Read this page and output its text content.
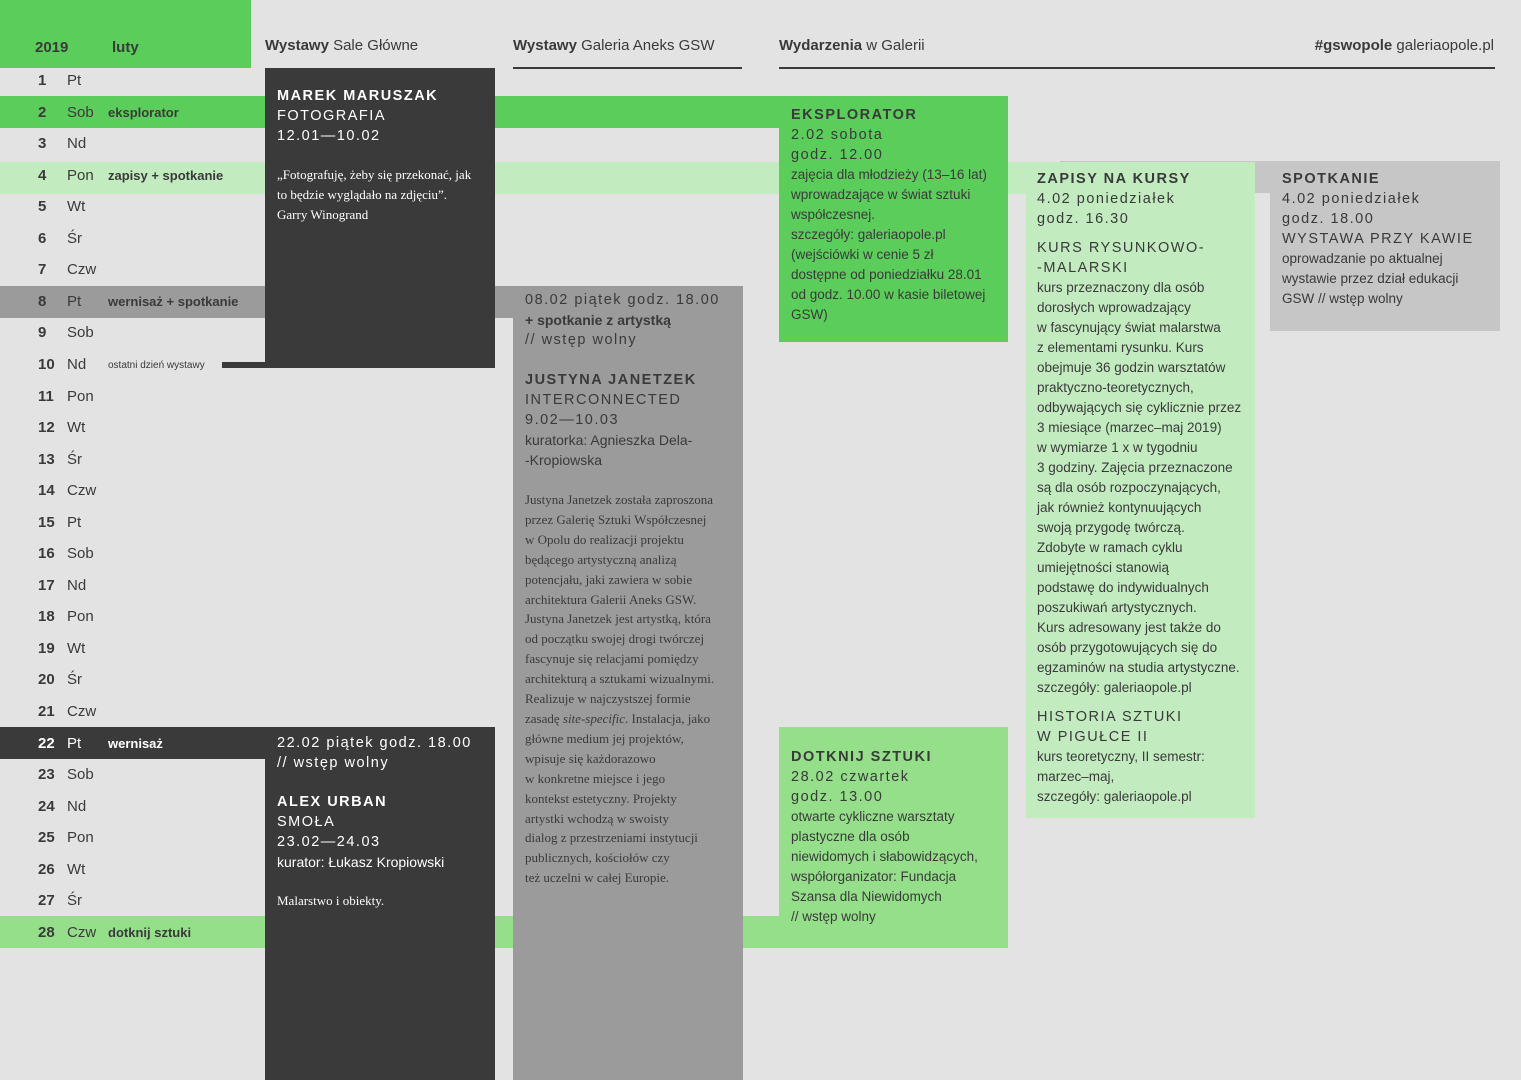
2019	luty	Wystawy Sale Główne	Wystawy Galeria Aneks GSW	Wydarzenia w Galerii	#gswopole galeriaopole.pl
1 Pt
2 Sob eksplorator
3 Nd
4 Pon zapisy + spotkanie
5 Wt
6 Śr
7 Czw
8 Pt wernisaż + spotkanie
9 Sob
10 Nd ostatni dzień wystawy
11 Pon
12 Wt
13 Śr
14 Czw
15 Pt
16 Sob
17 Nd
18 Pon
19 Wt
20 Śr
21 Czw
22 Pt wernisaż
23 Sob
24 Nd
25 Pon
26 Wt
27 Śr
28 Czw dotknij sztuki
MAREK MARUSZAK
FOTOGRAFIA
12.01—10.02
„Fotografuję, żeby się przekonać, jak to będzie wyglądało na zdjęciu”.
Garry Winogrand
22.02 piątek godz. 18.00
// wstęp wolny
ALEX URBAN
SMOŁA
23.02—24.03
kurator: Łukasz Kropiowski
Malarstwo i obiekty.
08.02 piątek godz. 18.00
+ spotkanie z artystką
// wstęp wolny
JUSTYNA JANETZEK
INTERCONNECTED
9.02—10.03
kuratorka: Agnieszka Dela-
-Kropiowska
Justyna Janetzek została zaproszona
przez Galerię Sztuki Współczesnej
w Opolu do realizacji projektu
będącego artystyczną analizą
potencjału, jaki zawiera w sobie
architektura Galerii Aneks GSW.
Justyna Janetzek jest artystką, która
od początku swojej drogi twórczej
fascynuje się relacjami pomiędzy
architekturą a sztukami wizualnymi.
Realizuje w najczystszej formie
zasadę site-specific. Instalacja, jako
główne medium jej projektów,
wpisuje się każdorazowo
w konkretne miejsce i jego
kontekst estetyczny. Projekty
artystki wchodzą w swoisty
dialog z przestrzeniami instytucji
publicznych, kościołów czy
też uczelni w całej Europie.
EKSPLORATOR
2.02 sobota
godz. 12.00
zajęcia dla młodzieży (13–16 lat)
wprowadzające w świat sztuki
współczesnej.
szczegóły: galeriaopole.pl
(wejściówki w cenie 5 zł
dostępne od poniedziałku 28.01
od godz. 10.00 w kasie biletowej
GSW)
DOTKNIJ SZTUKI
28.02 czwartek
godz. 13.00
otwarte cykliczne warsztaty
plastyczne dla osób
niewidomych i słabowidzących,
współorganizator: Fundacja
Szansa dla Niewidomych
// wstęp wolny
ZAPISY NA KURSY
4.02 poniedziałek
godz. 16.30
KURS RYSUNKOWO-
-MALARSKI
kurs przeznaczony dla osób
dorosłych wprowadzający
w fascynujący świat malarstwa
z elementami rysunku. Kurs
obejmuje 36 godzin warsztatów
praktyczno-teoretycznych,
odbywających się cyklicznie przez
3 miesiące (marzec–maj 2019)
w wymiarze 1 x w tygodniu
3 godziny. Zajęcia przeznaczone
są dla osób rozpoczynających,
jak również kontynuujących
swoją przygodę twórczą.
Zdobyte w ramach cyklu
umiejętności stanowią
podstawę do indywidualnych
poszukiwań artystycznych.
Kurs adresowany jest także do
osób przygotowujących się do
egzaminów na studia artystyczne.
szczegóły: galeriaopole.pl
HISTORIA SZTUKI
W PIGUŁCE II
kurs teoretyczny, II semestr:
marzec–maj,
szczegóły: galeriaopole.pl
SPOTKANIE
4.02 poniedziałek
godz. 18.00
WYSTAWA PRZY KAWIE
oprowadzanie po aktualnej
wystawie przez dział edukacji
GSW // wstęp wolny
